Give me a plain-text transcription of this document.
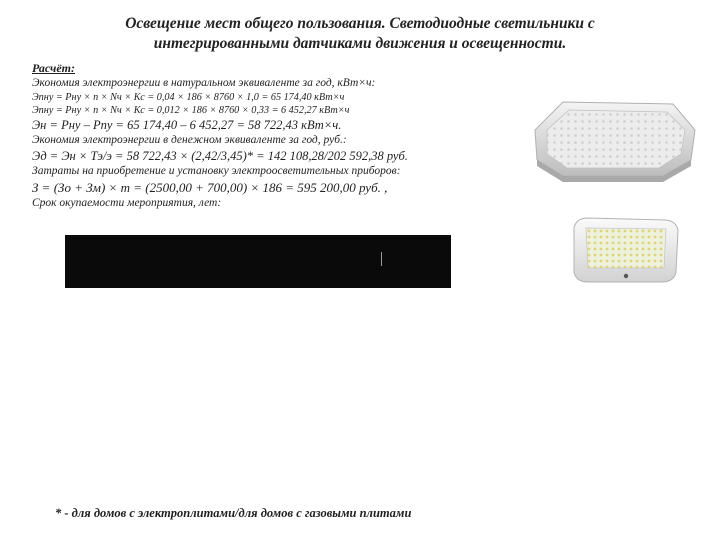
Освещение мест общего пользования. Светодиодные светильники с
интегрированными датчиками движения и освещенности.
Расчёт:
Экономия электроэнергии в натуральном эквиваленте за год, кВт×ч:
Эпну = Рну × n × Nч × Кс = 0,04 × 186 × 8760 × 1,0 = 65 174,40 кВт×ч
Эпну = Рну × n × Nч × Кс = 0,012 × 186 × 8760 × 0,33 = 6 452,27 кВт×ч
Эн = Рну – Рпу = 65 174,40 – 6 452,27 = 58 722,43 кВт×ч.
Экономия электроэнергии в денежном эквиваленте за год, руб.:
Эд = Эн × Тэ/э = 58 722,43 × (2,42/3,45)* = 142 108,28/202 592,38 руб.
Затраты на приобретение и установку электроосветительных приборов:
З = (Зо + Зм) × т = (2500,00 + 700,00) × 186 = 595 200,00 руб. ,
Срок окупаемости мероприятия, лет:
* - для домов с электроплитами/для домов с газовыми плитами
